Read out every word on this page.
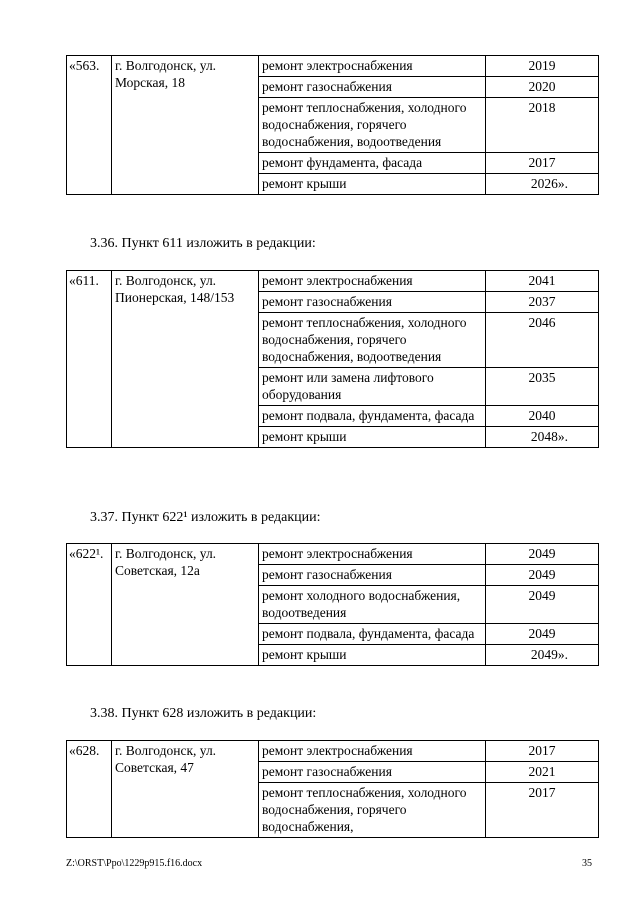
«563.	г. Волгодонск, ул. Морская, 18	ремонт электроснабжения	2019
		ремонт газоснабжения	2020
		ремонт теплоснабжения, холодного водоснабжения, горячего водоснабжения, водоотведения	2018
		ремонт фундамента, фасада	2017
		ремонт крыши	2026».
3.36. Пункт 611 изложить в редакции:
«611.	г. Волгодонск, ул. Пионерская, 148/153	ремонт электроснабжения	2041
		ремонт газоснабжения	2037
		ремонт теплоснабжения, холодного водоснабжения, горячего водоснабжения, водоотведения	2046
		ремонт или замена лифтового оборудования	2035
		ремонт подвала, фундамента, фасада	2040
		ремонт крыши	2048».
3.37. Пункт 622¹ изложить в редакции:
«622¹.	г. Волгодонск, ул. Советская, 12а	ремонт электроснабжения	2049
		ремонт газоснабжения	2049
		ремонт холодного водоснабжения, водоотведения	2049
		ремонт подвала, фундамента, фасада	2049
		ремонт крыши	2049».
3.38. Пункт 628 изложить в редакции:
«628.	г. Волгодонск, ул. Советская, 47	ремонт электроснабжения	2017
		ремонт газоснабжения	2021
		ремонт теплоснабжения, холодного водоснабжения, горячего водоснабжения,	2017
Z:\ORST\Ppo\1229p915.f16.docx	35
